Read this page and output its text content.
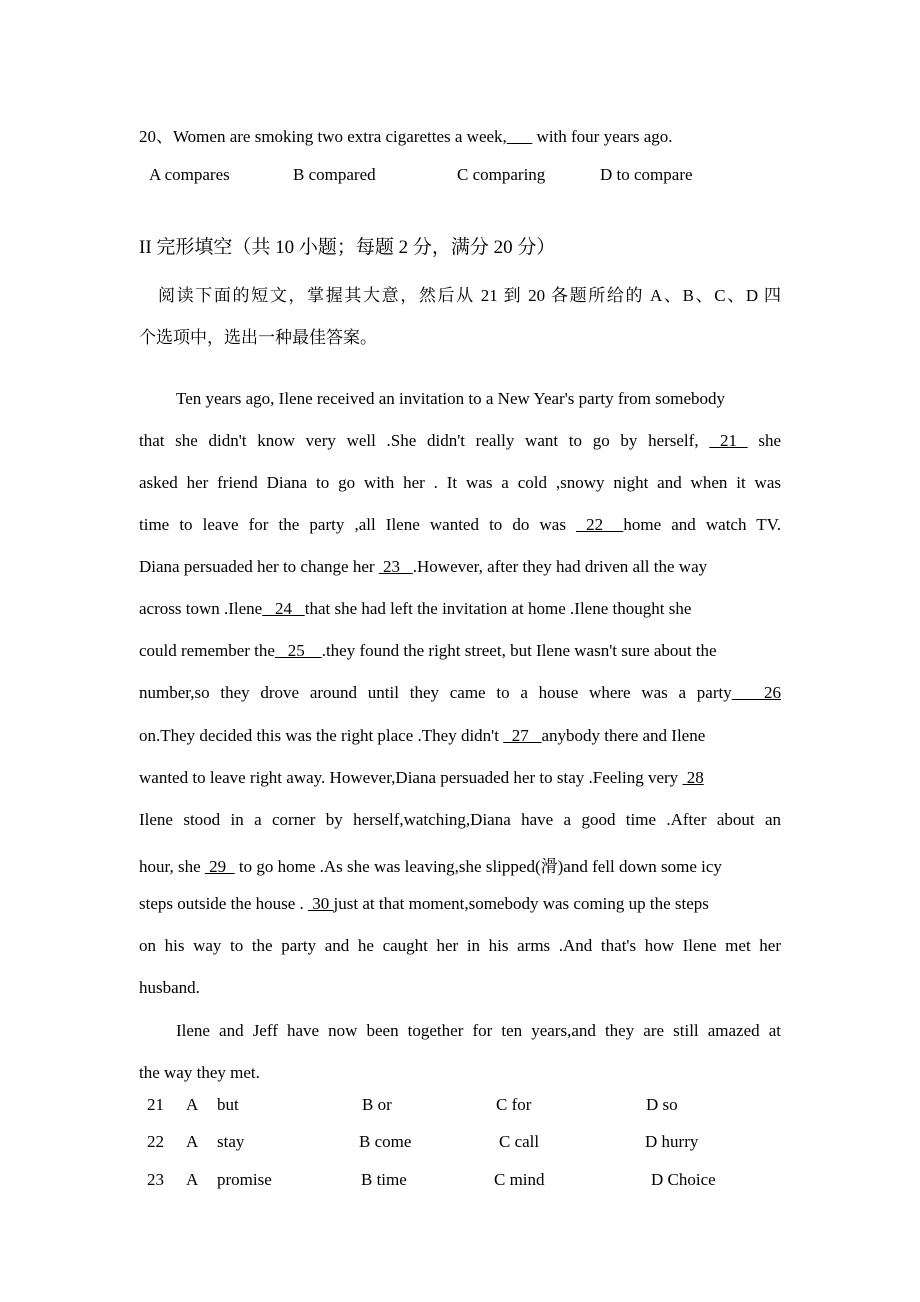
20、Women are smoking two extra cigarettes a week,       with four years ago.
A compares	B compared	C comparing	D to compare
II 完形填空（共 10 小题；每题 2 分，满分 20 分）
阅读下面的短文，掌握其大意，然后从 21 到 20 各题所给的 A、B、C、D 四
个选项中，选出一种最佳答案。
Ten years ago, Ilene received an invitation to a New Year's party from somebody
that she didn't know very well .She didn't really want to go by herself,  21  she
asked her friend Diana to go with her . It was a cold ,snowy night and when it was
time to leave for the party ,all Ilene wanted to do was  22  home and watch TV.
Diana persuaded her to change her  23   .However, after they had driven all the way
across town .Ilene   24   that she had left the invitation at home .Ilene thought she
could remember the   25    .they found the right street, but Ilene wasn't sure about the
number,so they drove around until they came to a house where was a party   26
on.They decided this was the right place .They didn't   27   anybody there and Ilene
wanted to leave right away. However,Diana persuaded her to stay .Feeling very  28
Ilene stood in a corner by herself,watching,Diana have a good time .After about an
hour, she  29   to go home .As she was leaving,she slipped(滑)and fell down some icy
steps outside the house .  30 just at that moment,somebody was coming up the steps
on his way to the party and he caught her in his arms .And that's how Ilene met her
husband.
Ilene and Jeff have now been together for ten years,and they are still amazed at
the way they met.
21 A but	B or	C for	D so
22 A stay	B come	C call	D hurry
23 A promise	B time	C mind	D Choice
